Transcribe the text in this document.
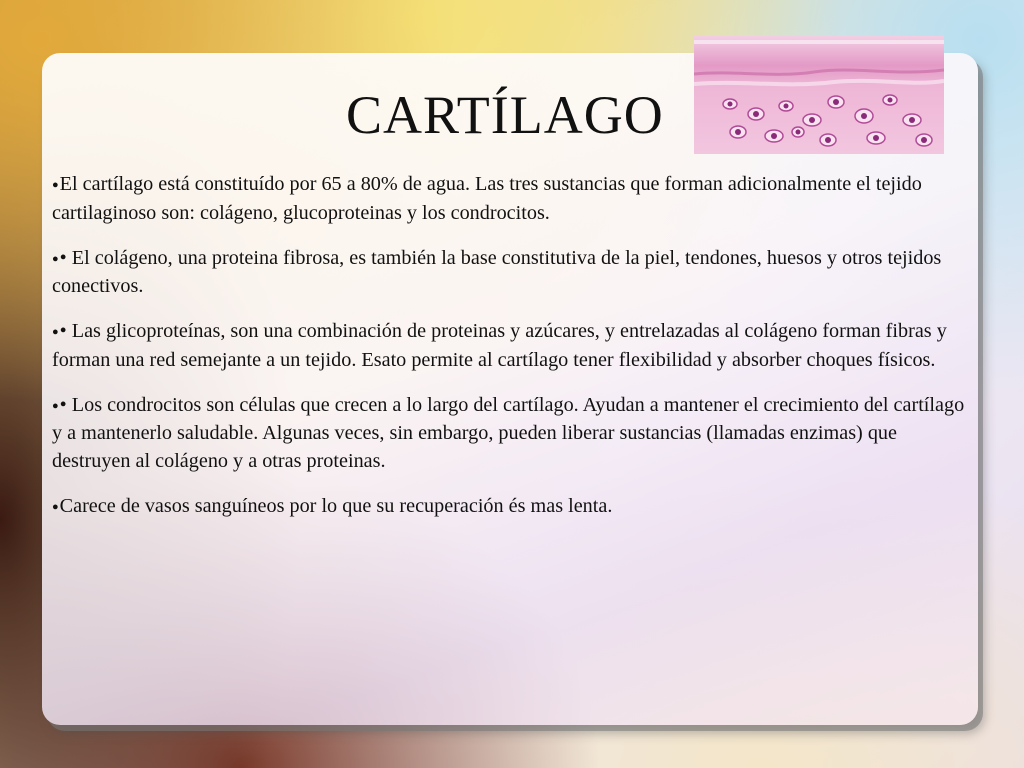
CARTÍLAGO

●El cartílago está constituído por 65 a 80% de agua. Las tres sustancias que forman adicionalmente el tejido cartilaginoso son: colágeno, glucoproteinas y los condrocitos.

●• El colágeno, una proteina fibrosa, es también la base constitutiva de la piel, tendones, huesos y otros tejidos conectivos.

●• Las glicoproteínas, son una combinación de proteinas y azúcares, y entrelazadas al colágeno forman fibras y forman una red semejante a un tejido. Esato permite al cartílago tener flexibilidad y absorber choques físicos.

●• Los condrocitos son células que crecen a lo largo del cartílago. Ayudan a mantener el crecimiento del cartílago y a mantenerlo saludable. Algunas veces, sin embargo, pueden liberar sustancias (llamadas enzimas) que destruyen al colágeno y a otras proteinas.

●Carece de vasos sanguíneos por lo que su recuperación és mas lenta.
